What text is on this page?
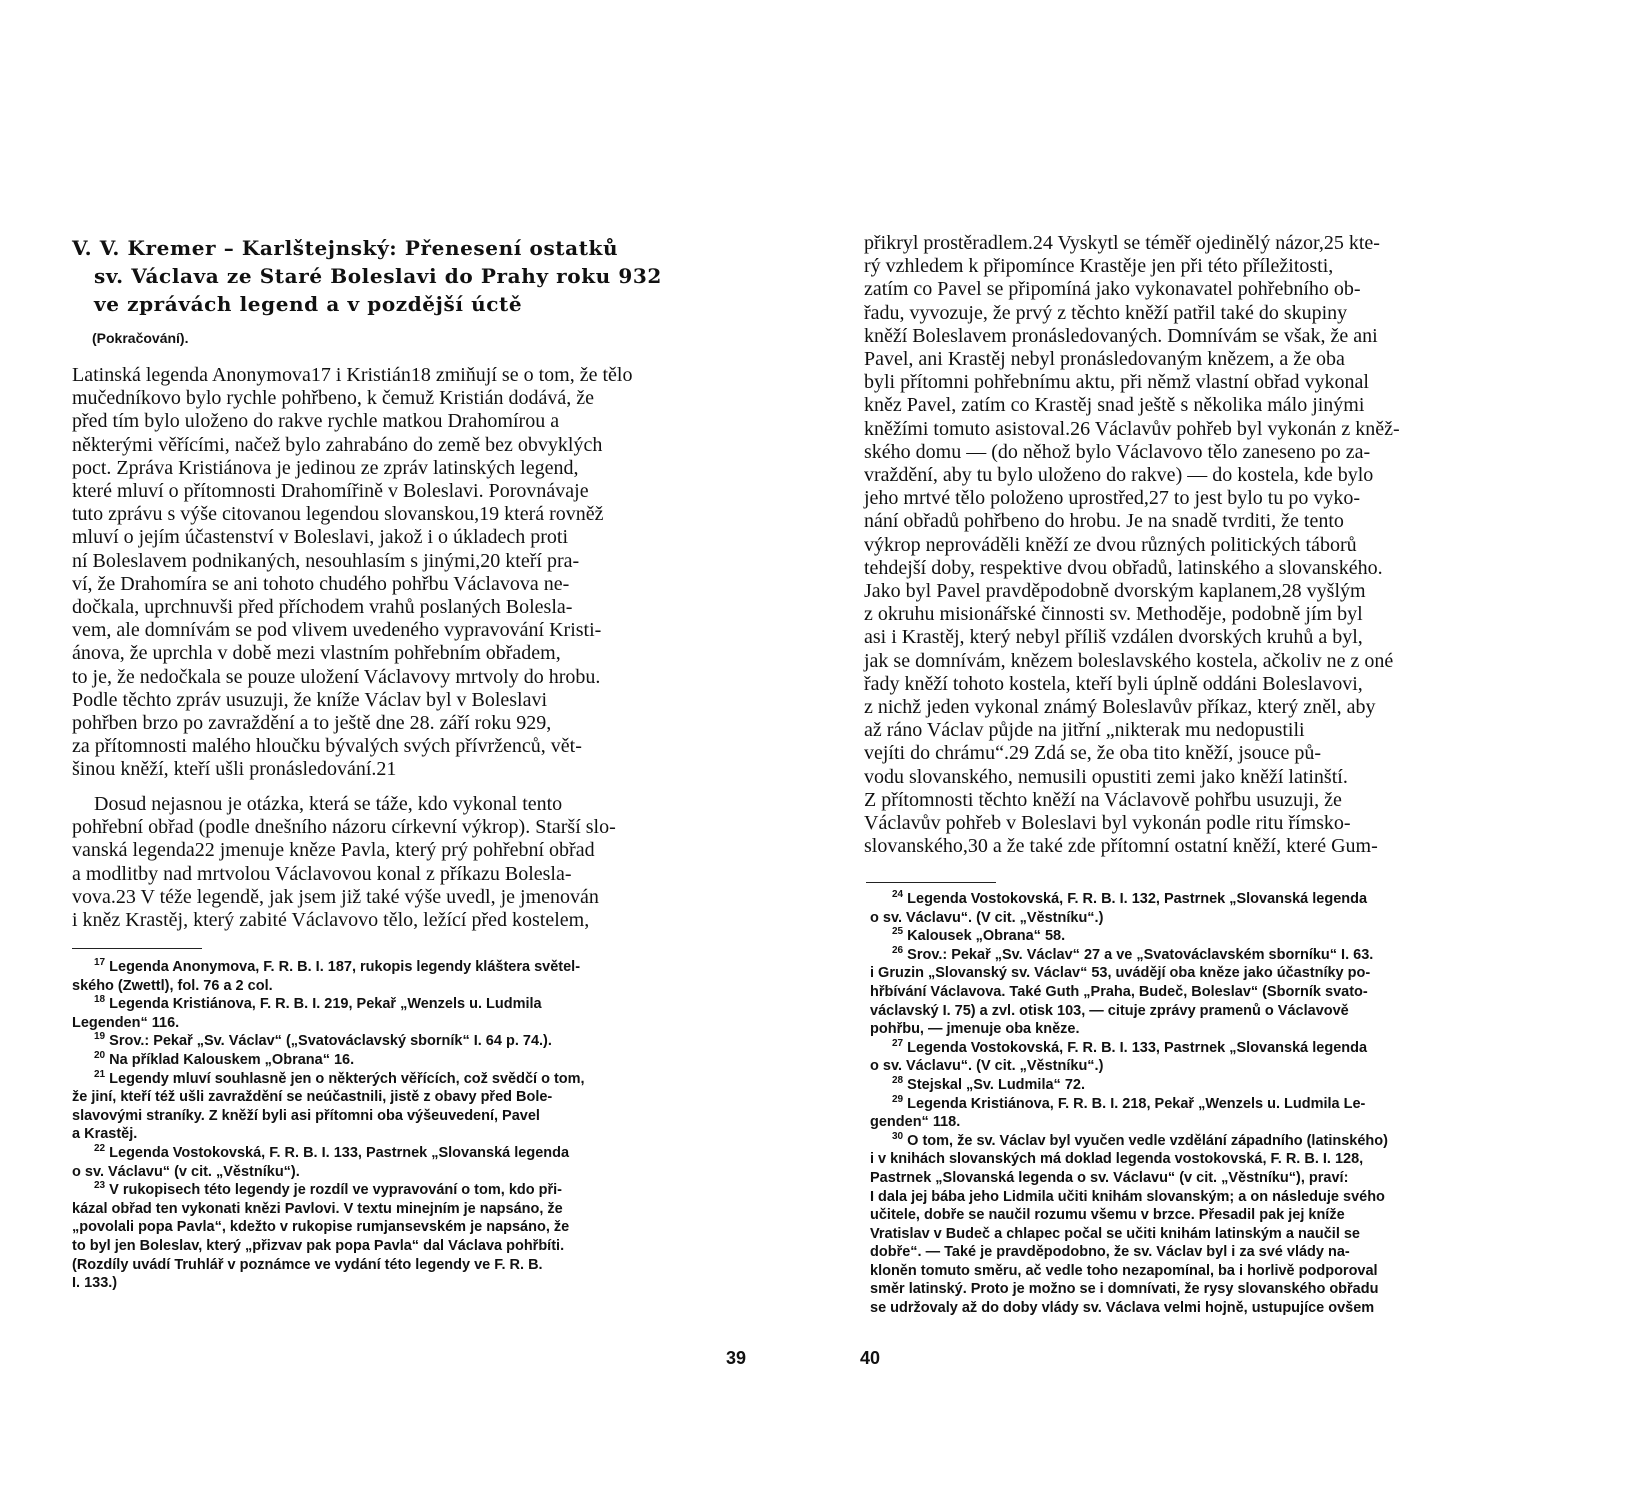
V. V. Kremer – Karlštejnský: Přenesení ostatků
sv. Václava ze Staré Boleslavi do Prahy roku 932
ve zprávách legend a v pozdější úctě
(Pokračování).
Latinská legenda Anonymova17 i Kristián18 zmiňují se o tom, že tělo
mučedníkovo bylo rychle pohřbeno, k čemuž Kristián dodává, že
před tím bylo uloženo do rakve rychle matkou Drahomírou a
některými věřícími, načež bylo zahrabáno do země bez obvyklých
poct. Zpráva Kristiánova je jedinou ze zpráv latinských legend,
které mluví o přítomnosti Drahomířině v Boleslavi. Porovnávaje
tuto zprávu s výše citovanou legendou slovanskou,19 která rovněž
mluví o jejím účastenství v Boleslavi, jakož i o úkladech proti
ní Boleslavem podnikaných, nesouhlasím s jinými,20 kteří pra-
ví, že Drahomíra se ani tohoto chudého pohřbu Václavova ne-
dočkala, uprchnuvši před příchodem vrahů poslaných Bolesla-
vem, ale domnívám se pod vlivem uvedeného vypravování Kristi-
ánova, že uprchla v době mezi vlastním pohřebním obřadem,
to je, že nedočkala se pouze uložení Václavovy mrtvoly do hrobu.
Podle těchto zpráv usuzuji, že kníže Václav byl v Boleslavi
pohřben brzo po zavraždění a to ještě dne 28. září roku 929,
za přítomnosti malého hloučku bývalých svých přívrženců, vět-
šinou kněží, kteří ušli pronásledování.21
Dosud nejasnou je otázka, která se táže, kdo vykonal tento
pohřební obřad (podle dnešního názoru církevní výkrop). Starší slo-
vanská legenda22 jmenuje kněze Pavla, který prý pohřební obřad
a modlitby nad mrtvolou Václavovou konal z příkazu Bolesla-
vova.23 V téže legendě, jak jsem již také výše uvedl, je jmenován
i kněz Krastěj, který zabité Václavovo tělo, ležící před kostelem,
$^{17}$ Legenda Anonymova, F. R. B. I. 187, rukopis legendy kláštera světel-
ského (Zwettl), fol. 76 a 2 col.
$^{18}$ Legenda Kristiánova, F. R. B. I. 219, Pekař „Wenzels u. Ludmila
Legenden“ 116.
$^{19}$ Srov.: Pekař „Sv. Václav“ („Svatováclavský sborník“ I. 64 p. 74.).
$^{20}$ Na příklad Kalouskem „Obrana“ 16.
$^{21}$ Legendy mluví souhlasně jen o některých věřících, což svědčí o tom,
že jiní, kteří též ušli zavraždění se neúčastnili, jistě z obavy před Bole-
slavovými straníky. Z kněží byli asi přítomni oba výšeuvedení, Pavel
a Krastěj.
$^{22}$ Legenda Vostokovská, F. R. B. I. 133, Pastrnek „Slovanská legenda
o sv. Václavu“ (v cit. „Věstníku“).
$^{23}$ V rukopisech této legendy je rozdíl ve vypravování o tom, kdo při-
kázal obřad ten vykonati knězi Pavlovi. V textu minejním je napsáno, že
„povolali popa Pavla“, kdežto v rukopise rumjansevském je napsáno, že
to byl jen Boleslav, který „přizvav pak popa Pavla“ dal Václava pohřbíti.
(Rozdíly uvádí Truhlář v poznámce ve vydání této legendy ve F. R. B.
I. 133.)
39
přikryl prostěradlem.24 Vyskytl se téměř ojedinělý názor,25 kte-
rý vzhledem k připomínce Krastěje jen při této příležitosti,
zatím co Pavel se připomíná jako vykonavatel pohřebního ob-
řadu, vyvozuje, že prvý z těchto kněží patřil také do skupiny
kněží Boleslavem pronásledovaných. Domnívám se však, že ani
Pavel, ani Krastěj nebyl pronásledovaným knězem, a že oba
byli přítomni pohřebnímu aktu, při němž vlastní obřad vykonal
kněz Pavel, zatím co Krastěj snad ještě s několika málo jinými
kněžími tomuto asistoval.26 Václavův pohřeb byl vykonán z kněž-
ského domu — (do něhož bylo Václavovo tělo zaneseno po za-
vraždění, aby tu bylo uloženo do rakve) — do kostela, kde bylo
jeho mrtvé tělo položeno uprostřed,27 to jest bylo tu po vyko-
nání obřadů pohřbeno do hrobu. Je na snadě tvrditi, že tento
výkrop neprováděli kněží ze dvou různých politických táborů
tehdejší doby, respektive dvou obřadů, latinského a slovanského.
Jako byl Pavel pravděpodobně dvorským kaplanem,28 vyšlým
z okruhu misionářské činnosti sv. Methoděje, podobně jím byl
asi i Krastěj, který nebyl příliš vzdálen dvorských kruhů a byl,
jak se domnívám, knězem boleslavského kostela, ačkoliv ne z oné
řady kněží tohoto kostela, kteří byli úplně oddáni Boleslavovi,
z nichž jeden vykonal známý Boleslavův příkaz, který zněl, aby
až ráno Václav půjde na jitřní „nikterak mu nedopustili
vejíti do chrámu“.29 Zdá se, že oba tito kněží, jsouce pů-
vodu slovanského, nemusili opustiti zemi jako kněží latinští.
Z přítomnosti těchto kněží na Václavově pohřbu usuzuji, že
Václavův pohřeb v Boleslavi byl vykonán podle ritu římsko-
slovanského,30 a že také zde přítomní ostatní kněží, které Gum-
$^{24}$ Legenda Vostokovská, F. R. B. I. 132, Pastrnek „Slovanská legenda
o sv. Václavu“. (V cit. „Věstníku“.)
$^{25}$ Kalousek „Obrana“ 58.
$^{26}$ Srov.: Pekař „Sv. Václav“ 27 a ve „Svatováclavském sborníku“ I. 63.
i Gruzin „Slovanský sv. Václav“ 53, uvádějí oba kněze jako účastníky po-
hřbívání Václavova. Také Guth „Praha, Budeč, Boleslav“ (Sborník svato-
václavský I. 75) a zvl. otisk 103, — cituje zprávy pramenů o Václavově
pohřbu, — jmenuje oba kněze.
$^{27}$ Legenda Vostokovská, F. R. B. I. 133, Pastrnek „Slovanská legenda
o sv. Václavu“. (V cit. „Věstníku“.)
$^{28}$ Stejskal „Sv. Ludmila“ 72.
$^{29}$ Legenda Kristiánova, F. R. B. I. 218, Pekař „Wenzels u. Ludmila Le-
genden“ 118.
$^{30}$ O tom, že sv. Václav byl vyučen vedle vzdělání západního (latinského)
i v knihách slovanských má doklad legenda vostokovská, F. R. B. I. 128,
Pastrnek „Slovanská legenda o sv. Václavu“ (v cit. „Věstníku“), praví:
I dala jej bába jeho Lidmila učiti knihám slovanským; a on následuje svého
učitele, dobře se naučil rozumu všemu v brzce. Přesadil pak jej kníže
Vratislav v Budeč a chlapec počal se učiti knihám latinským a naučil se
dobře“. — Také je pravděpodobno, že sv. Václav byl i za své vlády na-
kloněn tomuto směru, ač vedle toho nezapomínal, ba i horlivě podporoval
směr latinský. Proto je možno se i domnívati, že rysy slovanského obřadu
se udržovaly až do doby vlády sv. Václava velmi hojně, ustupujíce ovšem
40
